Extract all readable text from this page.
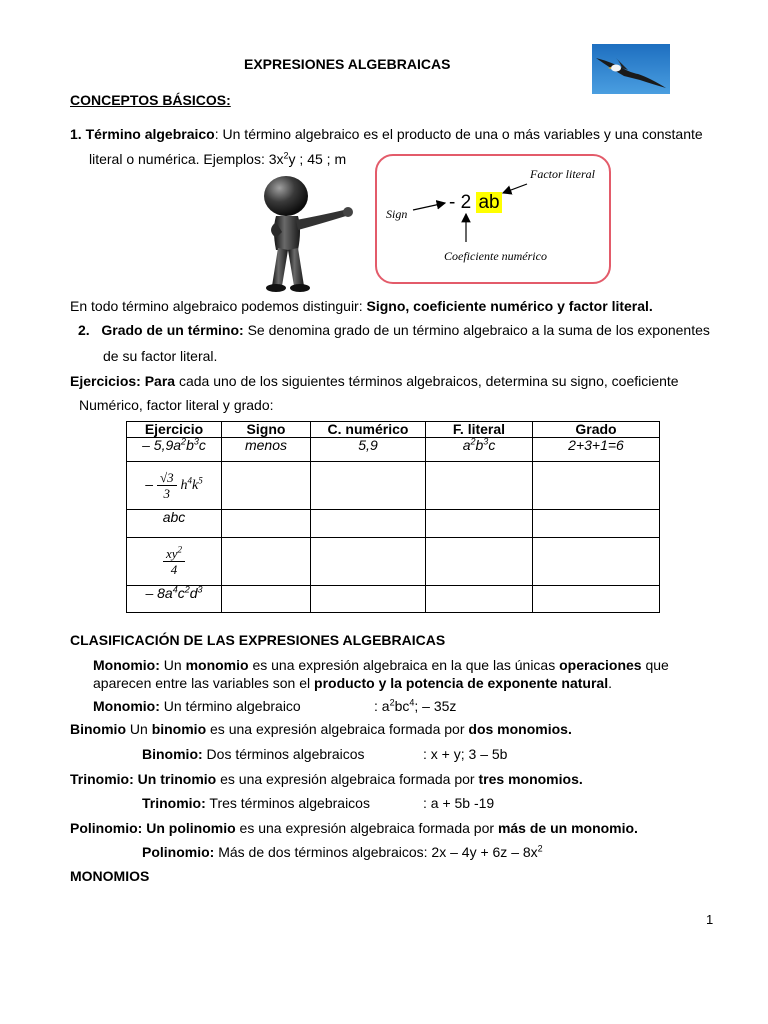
EXPRESIONES ALGEBRAICAS
CONCEPTOS BÁSICOS:
1. Término algebraico: Un término algebraico es el producto de una o más variables y una constante
literal o numérica. Ejemplos: $3x^2y$ ; 45 ; m
Factor literal
Sign
- 2 ab
Coeficiente numérico
En todo término algebraico podemos distinguir: Signo, coeficiente numérico y factor literal.
2. Grado de un término: Se denomina grado de un término algebraico a la suma de los exponentes
de su factor literal.
Ejercicios: Para cada uno de los siguientes términos algebraicos, determina su signo, coeficiente
Numérico, factor literal y grado:
Ejercicio	Signo	C. numérico	F. literal	Grado
– $5,9a^2b^3c$	menos	5,9	$a^2b^3c$	2+3+1=6
– $\frac{√3}{3} h^4k^5$				
abc				

$\frac{xy^2}{4}$

– $8a^4c^2d^3$				
CLASIFICACIÓN DE LAS EXPRESIONES ALGEBRAICAS
Monomio: Un monomio es una expresión algebraica en la que las únicas operaciones que
aparecen entre las variables son el producto y la potencia de exponente natural.
Monomio: Un término algebraico	: $a^2bc^4$; – 35z
Binomio Un binomio es una expresión algebraica formada por dos monomios.
Binomio: Dos términos algebraicos	: x + y; 3 – 5b
Trinomio: Un trinomio es una expresión algebraica formada por tres monomios.
Trinomio: Tres términos algebraicos	: a + 5b -19
Polinomio: Un polinomio es una expresión algebraica formada por más de un monomio.
Polinomio: Más de dos términos algebraicos: $2x - 4y + 6z - 8x^2$
MONOMIOS
1
